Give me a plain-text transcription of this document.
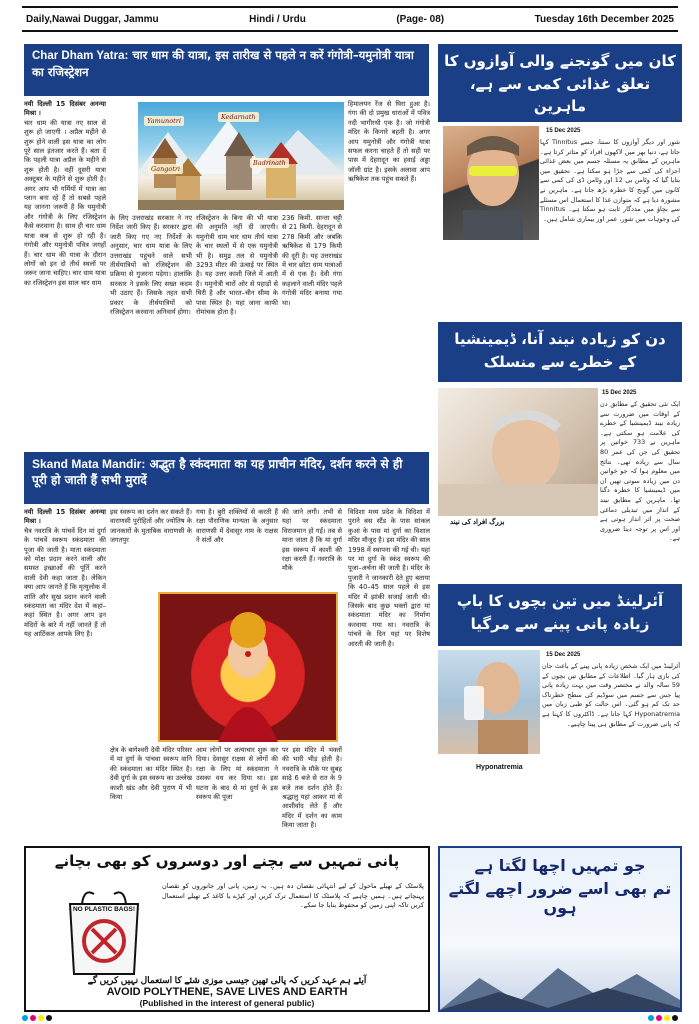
Daily,Nawai Duggar, Jammu	Hindi / Urdu	(Page- 08)	Tuesday 16th December 2025
Char Dham Yatra: चार धाम की यात्रा, इस तारीख से पहले न करें गंगोत्री–यमुनोत्री यात्रा का रजिस्ट्रेशन
नयी दिल्ली 15 दिसंबर अनन्या मिश्रा ।
चार धाम की यात्रा नए साल से शुरू हो जाएगी । अप्रैल महीने से शुरू होने वाली इस यात्रा का लोग पूरे साल इंतजार करते हैं। बता दें कि पहली यात्रा अप्रैल के महीने से शुरू होती है। वहीं दूसरी यात्रा अक्टूबर के महीने से शुरू होती है। अगर आप भी गर्मियों में यात्रा का प्लान बना रहे हैं तो सबसे पहले यह जानना जरूरी है कि यमुनोत्री और गंगोत्री के लिए रजिस्ट्रेशन कैसे करवाना है। साथ ही चार धाम यात्रा कब से शुरू हो रही है। गंगोत्री और यमुनोत्री पवित्र जगहों हैं। चार धाम की यात्रा के दौरान लोगों को इन दो तीर्थ स्थलों पर जरूर जाना चाहिए। चार धाम यात्रा का रजिस्ट्रेशन इस साल चार धाम
Yamunotri	Kedarnath
Gangotri
Badrinath
के लिए उत्तराखंड सरकार ने नए निर्देश जारी किए हैं। सरकार द्वारा जारी किए गए नए निर्देशों के अनुसार, चार धाम यात्रा के लिए उत्तराखंड पहुंचने वाले सभी तीर्थयात्रियों को रजिस्ट्रेशन की प्रक्रिया से गुजरना पड़ेगा। हालांकि सरकार ने इसके लिए सख्त कदम भी उठाए हैं। जिसके तहत सभी प्रकार के तीर्थयात्रियों को रजिस्ट्रेशन करवाना अनिवार्य होगा।
रजिस्ट्रेशन के बिना की भी यात्रा की अनुमति नहीं दी जाएगी। यमुनोत्री धाम चार धाम तीर्थ यात्रा के चार स्थलों में से एक यमुनोत्री भी है। समुद्र तल से यमुनोत्री 3293 मीटर की ऊंचाई पर स्थित है। यह उत्तर काशी जिले में आती है। यमुनोत्री चारों ओर से पहाड़ों से घिरी है और भारत–चीन सीमा के पास स्थित है। यहां जाना काफी रोमांचक होता है।
236 किमी. सान्ता चट्टी से 21 किमी. देहरादून से 278 किमी और जबकि ऋषिकेश से 179 किमी की दूरी है। यह उत्तराखंड में चार छोटा धाम यात्राओं में से एक है। देवी गंगा कहलाने वाली मंदिर पहले गंगोत्री मंदिर बनाया गया था।
हिमालयन रेंज से घिरा हुआ है। गंगा की दो प्रमुख धाराओं में पवित्र नदी भागीरथी एक है। जो गंगोत्री मंदिर के किनारे बहती है। अगर आप यमुनोत्री और गंगोत्री यात्रा सफल करना चाहते हैं तो सही पर पास में देहरादून का हवाई अड्डा जॉली ग्रांट है। इसके अलावा आप ऋषिकेश तक पहुंच सकते हैं।
Skand Mata Mandir: अद्भुत है स्कंदमाता का यह प्राचीन मंदिर, दर्शन करने से ही पूरी हो जाती हैं सभी मुरादें
नयी दिल्ली 15 दिसंबर अनन्या मिश्रा ।
चैत्र नवरात्रि के पांचवें दिन मां दुर्गा के पांचवें स्वरूप स्कंदमाता की पूजा की जाती है। माता स्कंदमाता को मोक्ष प्रदान करने वाली और समस्त इच्छाओं की पूर्ति करने वाली देवी कहा जाता है। लेकिन क्या आप जानते हैं कि मृत्युलोक में शांति और सुख प्रदान करने वाली स्कंदमाता का मंदिर देश में कहां–कहां स्थित है। अगर आप इन मंदिरों के बारे में नहीं जानते हैं तो यह आर्टिकल आपके लिए है।
इस स्वरूप का दर्शन कर सकते हैं। वाराणसी पुरोहितों और ज्योतिष के जानकारों के मुताबिक वाराणसी के जगतपुर
गया है। बुरी शक्तियों से करती हैं रक्षा पौराणिक मान्यता के अनुसार वाराणसी में देवासुर नाम के राक्षस ने संतों और
की जाने लगी। तभी से यहां पर स्कंदमाता विराजमान हो गईं। तब से माना जाता है कि मां दुर्गा इस स्वरूप में काशी की रक्षा करती हैं। नवरात्रि के मौके
विदिशा मध्य प्रदेश के विदिशा में पुराने बस स्टैंड के पास सांकल कुआं के पास मां दुर्गा का विशाल मंदिर मौजूद है। इस मंदिर की साल 1998 में स्थापना की गई थी। यहां पर मां दुर्गा के स्कंद स्वरूप की पूजा–अर्चना की जाती है। मंदिर के पुजारी ने जानकारी देते हुए बताया कि 40–45 साल पहले से इस मंदिर में झांकी सजाई जाती थी। जिसके बाद कुछ भक्तों द्वारा मां स्कंदमाता मंदिर का निर्माण करवाया गया था। नवरात्रि के पांचवें के दिन यहां पर विशेष आरती की जाती है।
क्षेत्र के बागेश्वरी देवी मंदिर परिसर में मां दुर्गा के पांचवा स्वरूप वानि की स्कंदमाता का मंदिर स्थित है। देवी दुर्गा के इस स्वरूप का उल्लेख काशी खंड और देवी पुराण में भी किया
आम लोगों पर अत्याचार शुरू कर दिया। देवासुर राक्षस से लोगों की रक्षा के लिए मां स्कंदमाता ने उसका वध कर दिया था। इस घटना के बाद से मां दुर्गा के इस स्वरूप की पूजा
पर इस मंदिर में भक्तों की भारी भीड़ होती है। नवरात्रि के मौके पर सुबह साढ़े 6 बजे से रात के 9 बजे तक दर्शन होते हैं। श्रद्धालु यहां आकर मां से आशीर्वाद लेते हैं और मंदिर में दर्शन का काम किया जाता है।
کان میں گونجنے والی آوازوں کا تعلق غذائی کمی سے ہے، ماہرین
15 Dec 2025
شور اور دیگر آوازوں کا سننا، جسے Tinnitus کہا جاتا ہے، دنیا بھر میں لاکھوں افراد کو متاثر کرتا ہے۔ ماہرین کے مطابق یہ مسئلہ جسم میں بعض غذائی اجزاء کی کمی سے جڑا ہو سکتا ہے۔ تحقیق میں بتایا گیا کہ وٹامن بی 12 اور وٹامن ڈی کی کمی سے کانوں میں گونج کا خطرہ بڑھ جاتا ہے۔ ماہرین نے مشورہ دیا ہے کہ متوازن غذا کا استعمال اس مسئلے سے بچاؤ میں مددگار ثابت ہو سکتا ہے۔ Tinnitus کی وجوہات میں شور، عمر اور بیماری شامل ہیں۔
دن کو زیادہ نیند آنا، ڈیمینشیا کے خطرے سے منسلک
15 Dec 2025
بزرگ افراد کی نیند
ایک نئی تحقیق کے مطابق دن کے اوقات میں ضرورت سے زیادہ نیند ڈیمینشیا کے خطرے کی علامت ہو سکتی ہے۔ ماہرین نے 733 خواتین پر تحقیق کی جن کی عمر 80 سال سے زیادہ تھی۔ نتائج میں معلوم ہوا کہ جو خواتین دن میں زیادہ سوتی تھیں ان میں ڈیمینشیا کا خطرہ دگنا تھا۔ ماہرین کے مطابق نیند کے انداز میں تبدیلی دماغی صحت پر اثر انداز ہوتی ہے اور اس پر توجہ دینا ضروری ہے۔
آئرلینڈ میں تین بچوں کا باپ زیادہ پانی پینے سے مرگیا
Hyponatremia
15 Dec 2025
آئرلینڈ میں ایک شخص زیادہ پانی پینے کے باعث جان کی بازی ہار گیا۔ اطلاعات کے مطابق تین بچوں کے 59 سالہ والد نے مختصر وقت میں بہت زیادہ پانی پیا جس سے جسم میں سوڈیم کی سطح خطرناک حد تک کم ہو گئی۔ اس حالت کو طبی زبان میں Hyponatremia کہا جاتا ہے۔ ڈاکٹروں کا کہنا ہے کہ پانی ضرورت کے مطابق ہی پینا چاہیے۔
پانی تمہیں سے بچنے اور دوسروں کو بھی بچانے
NO PLASTIC BAGS!
پلاسٹک کے تھیلے ماحول کے لیے انتہائی نقصان دہ ہیں۔ یہ زمین، پانی اور جانوروں کو نقصان پہنچاتے ہیں۔ ہمیں چاہیے کہ پلاسٹک کا استعمال ترک کریں اور کپڑے یا کاغذ کے تھیلے استعمال کریں تاکہ اپنی زمین کو محفوظ بنایا جا سکے۔
آیئے ہم عہد کریں کہ پالی تھین جیسی موزی شئے کا استعمال نہیں کریں گے
AVOID POLYTHENE, SAVE LIVES AND EARTH
(Published in the interest of general public)
جو تمہیں اچھا لگتا ہے
تم بھی اسے ضرور اچھے لگتے ہوں
